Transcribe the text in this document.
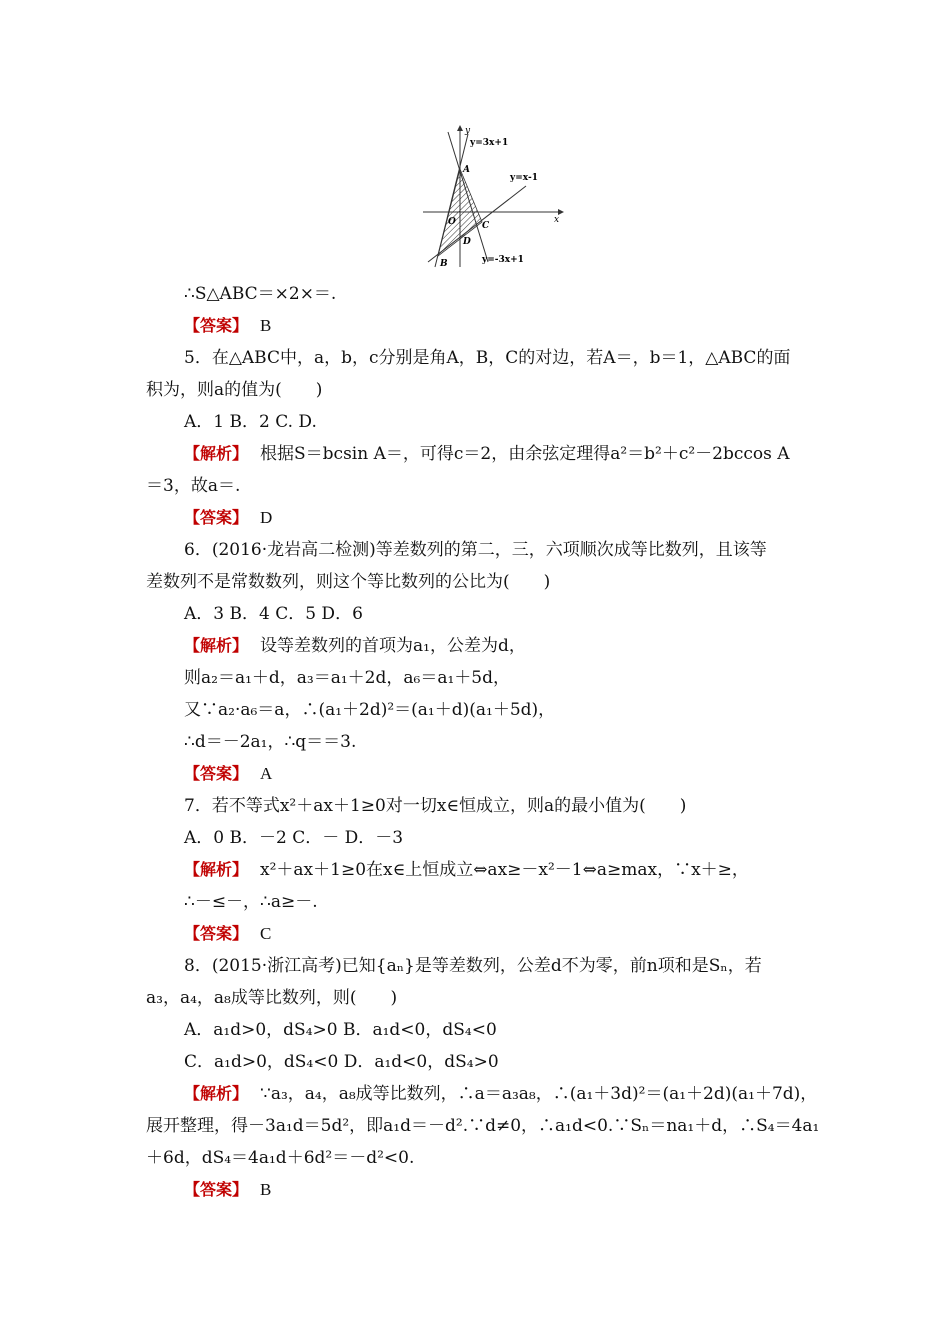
y
x
y=3x+1
y=x-1
y=-3x+1
A
B
C
D
O
∴S△ABC＝×2×＝.
【答案】 B
5．在△ABC中，a，b，c分别是角A，B，C的对边，若A＝，b＝1，△ABC的面
积为，则a的值为(　　)
A．1 B．2 C. D.
【解析】 根据S＝bcsin A＝，可得c＝2，由余弦定理得a²＝b²＋c²－2bccos A
＝3，故a＝.
【答案】 D
6．(2016·龙岩高二检测)等差数列的第二，三，六项顺次成等比数列，且该等
差数列不是常数数列，则这个等比数列的公比为(　　)
A．3 B．4 C．5 D．6
【解析】 设等差数列的首项为a₁，公差为d，
则a₂＝a₁＋d，a₃＝a₁＋2d，a₆＝a₁＋5d，
又∵a₂·a₆＝a，∴(a₁＋2d)²＝(a₁＋d)(a₁＋5d)，
∴d＝－2a₁，∴q＝＝3.
【答案】 A
7．若不等式x²＋ax＋1≥0对一切x∈恒成立，则a的最小值为(　　)
A．0 B．－2 C．－ D．－3
【解析】 x²＋ax＋1≥0在x∈上恒成立⇔ax≥－x²－1⇔a≥max，∵x＋≥，
∴－≤－，∴a≥－.
【答案】 C
8．(2015·浙江高考)已知{aₙ}是等差数列，公差d不为零，前n项和是Sₙ，若
a₃，a₄，a₈成等比数列，则(　　)
A．a₁d>0，dS₄>0 B．a₁d<0，dS₄<0
C．a₁d>0，dS₄<0 D．a₁d<0，dS₄>0
【解析】 ∵a₃，a₄，a₈成等比数列，∴a＝a₃a₈，∴(a₁＋3d)²＝(a₁＋2d)(a₁＋7d)，
展开整理，得－3a₁d＝5d²，即a₁d＝－d².∵d≠0，∴a₁d<0.∵Sₙ＝na₁＋d，∴S₄＝4a₁
＋6d，dS₄＝4a₁d＋6d²＝－d²<0.
【答案】 B
